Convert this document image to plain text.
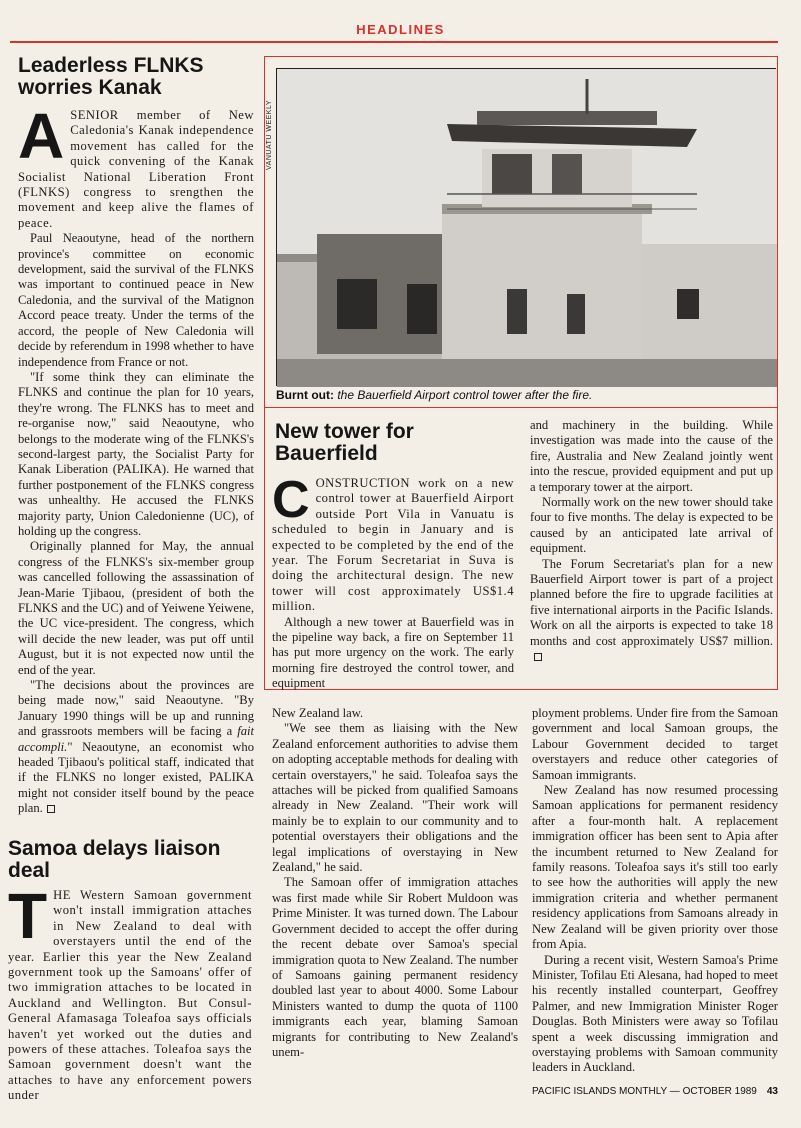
HEADLINES
Leaderless FLNKS worries Kanak

ASENIOR member of New Caledonia's Kanak independence movement has called for the quick convening of the Kanak Socialist National Liberation Front (FLNKS) congress to srengthen the movement and keep alive the flames of peace.

Paul Neaoutyne, head of the northern province's committee on economic development, said the survival of the FLNKS was important to continued peace in New Caledonia, and the survival of the Matignon Accord peace treaty. Under the terms of the accord, the people of New Caledonia will decide by referendum in 1998 whether to have independence from France or not.

"If some think they can eliminate the FLNKS and continue the plan for 10 years, they're wrong. The FLNKS has to meet and re-organise now," said Neaoutyne, who belongs to the moderate wing of the FLNKS's second-largest party, the Socialist Party for Kanak Liberation (PALIKA). He warned that further postponement of the FLNKS congress was unhealthy. He accused the FLNKS majority party, Union Caledonienne (UC), of holding up the congress.

Originally planned for May, the annual congress of the FLNKS's six-member group was cancelled following the assassination of Jean-Marie Tjibaou, (president of both the FLNKS and the UC) and of Yeiwene Yeiwene, the UC vice-president. The congress, which will decide the new leader, was put off until August, but it is not expected now until the end of the year.

"The decisions about the provinces are being made now," said Neaoutyne. "By January 1990 things will be up and running and grassroots members will be facing a fait accompli." Neaoutyne, an economist who headed Tjibaou's political staff, indicated that if the FLNKS no longer existed, PALIKA might not consider itself bound by the peace plan.

VANUATU WEEKLY
Burnt out: the Bauerfield Airport control tower after the fire.
New tower for Bauerfield

CONSTRUCTION work on a new control tower at Bauerfield Airport outside Port Vila in Vanuatu is scheduled to begin in January and is expected to be completed by the end of the year. The Forum Secretariat in Suva is doing the architectural design. The new tower will cost approximately US$1.4 million.

Although a new tower at Bauerfield was in the pipeline way back, a fire on September 11 has put more urgency on the work. The early morning fire destroyed the control tower, and equipment

and machinery in the building. While investigation was made into the cause of the fire, Australia and New Zealand jointly went into the rescue, provided equipment and put up a temporary tower at the airport.

Normally work on the new tower should take four to five months. The delay is expected to be caused by an anticipated late arrival of equipment.

The Forum Secretariat's plan for a new Bauerfield Airport tower is part of a project planned before the fire to upgrade facilities at five international airports in the Pacific Islands. Work on all the airports is expected to take 18 months and cost approximately US$7 million.

Samoa delays liaison deal

THE Western Samoan government won't install immigration attaches in New Zealand to deal with overstayers until the end of the year. Earlier this year the New Zealand government took up the Samoans' offer of two immigration attaches to be located in Auckland and Wellington. But Consul-General Afamasaga Toleafoa says officials haven't yet worked out the duties and powers of these attaches. Toleafoa says the Samoan government doesn't want the attaches to have any enforcement powers under

New Zealand law.

"We see them as liaising with the New Zealand enforcement authorities to advise them on adopting acceptable methods for dealing with certain overstayers," he said. Toleafoa says the attaches will be picked from qualified Samoans already in New Zealand. "Their work will mainly be to explain to our community and to potential overstayers their obligations and the legal implications of overstaying in New Zealand," he said.

The Samoan offer of immigration attaches was first made while Sir Robert Muldoon was Prime Minister. It was turned down. The Labour Government decided to accept the offer during the recent debate over Samoa's special immigration quota to New Zealand. The number of Samoans gaining permanent residency doubled last year to about 4000. Some Labour Ministers wanted to dump the quota of 1100 immigrants each year, blaming Samoan migrants for contributing to New Zealand's unem-

ployment problems. Under fire from the Samoan government and local Samoan groups, the Labour Government decided to target overstayers and reduce other categories of Samoan immigrants.

New Zealand has now resumed processing Samoan applications for permanent residency after a four-month halt. A replacement immigration officer has been sent to Apia after the incumbent returned to New Zealand for family reasons. Toleafoa says it's still too early to see how the authorities will apply the new immigration criteria and whether permanent residency applications from Samoans already in New Zealand will be given priority over those from Apia.

During a recent visit, Western Samoa's Prime Minister, Tofilau Eti Alesana, had hoped to meet his recently installed counterpart, Geoffrey Palmer, and new Immigration Minister Roger Douglas. Both Ministers were away so Tofilau spent a week discussing immigration and overstaying problems with Samoan community leaders in Auckland.

PACIFIC ISLANDS MONTHLY — OCTOBER 1989 43
